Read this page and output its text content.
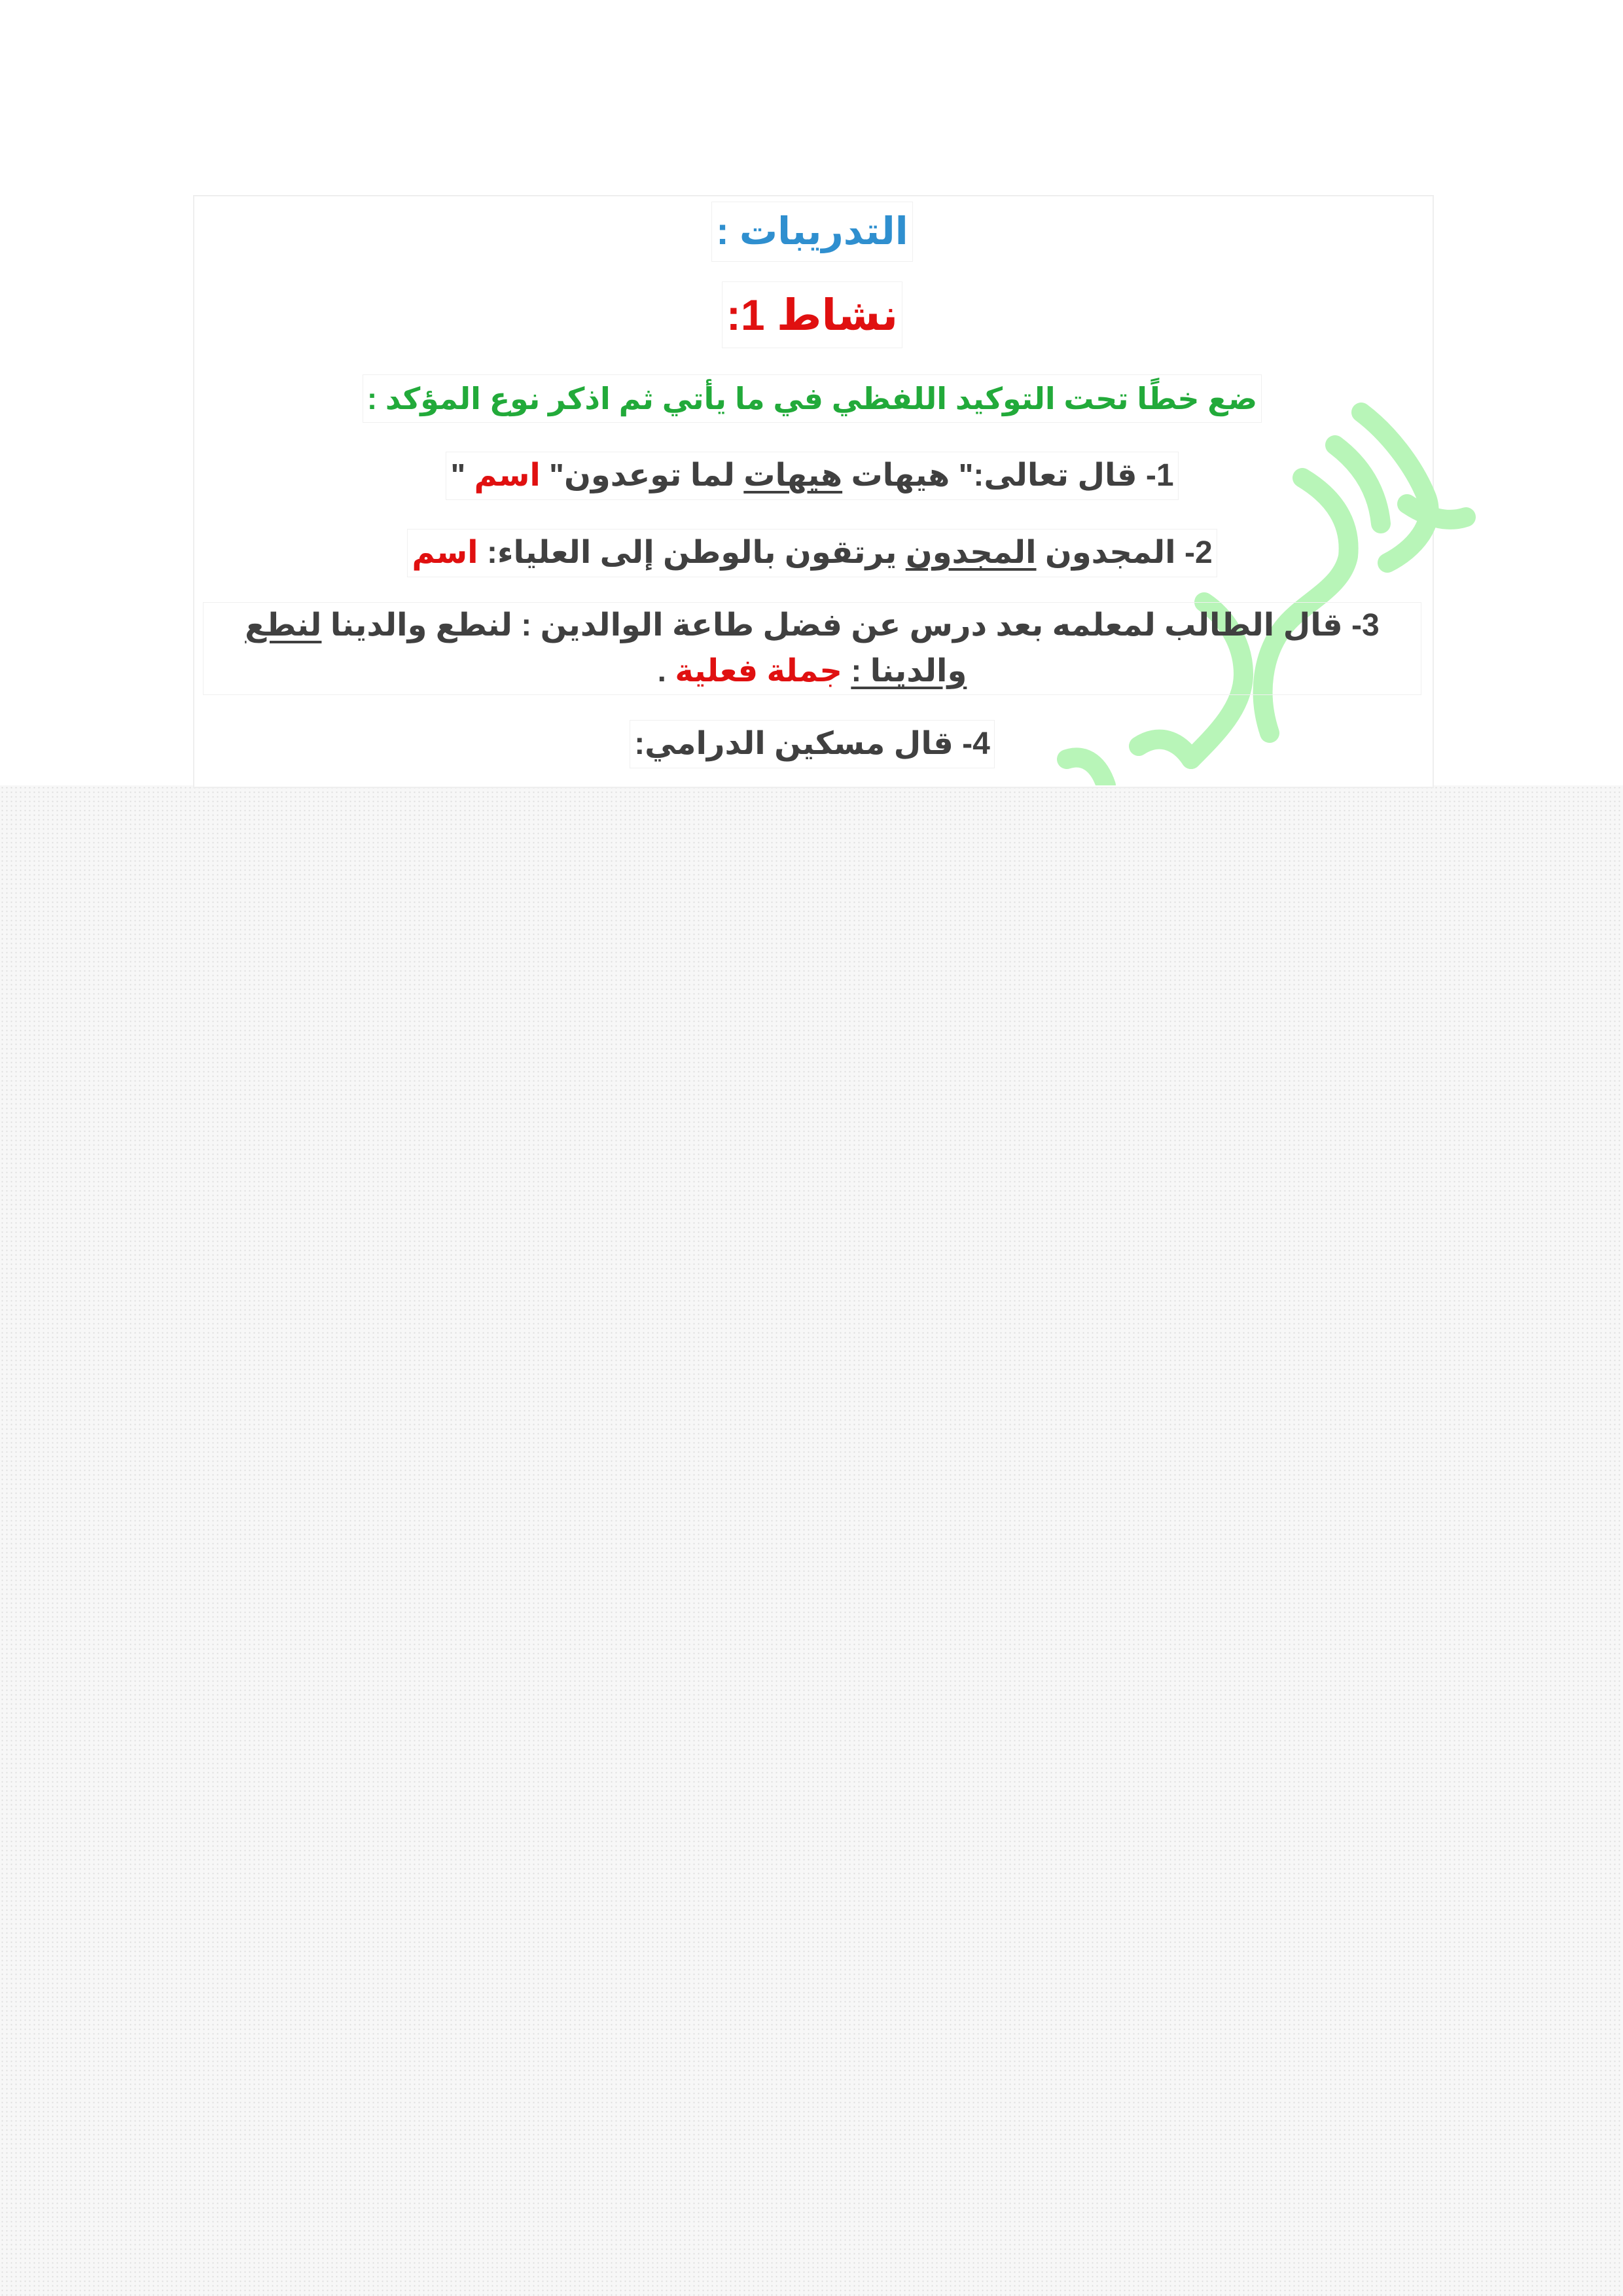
التدريبات :

نشاط 1:

ضع خطًا تحت التوكيد اللفظي في ما يأتي ثم اذكر نوع المؤكد :

1- قال تعالى:" هيهات هيهات لما توعدون" اسم "

2- المجدون المجدون يرتقون بالوطن إلى العلياء: اسم

3- قال الطالب لمعلمه بعد درس عن فضل طاعة الوالدين : لنطع والدينا لنطع والدينا : جملة فعلية .

4- قال مسكين الدرامي:
